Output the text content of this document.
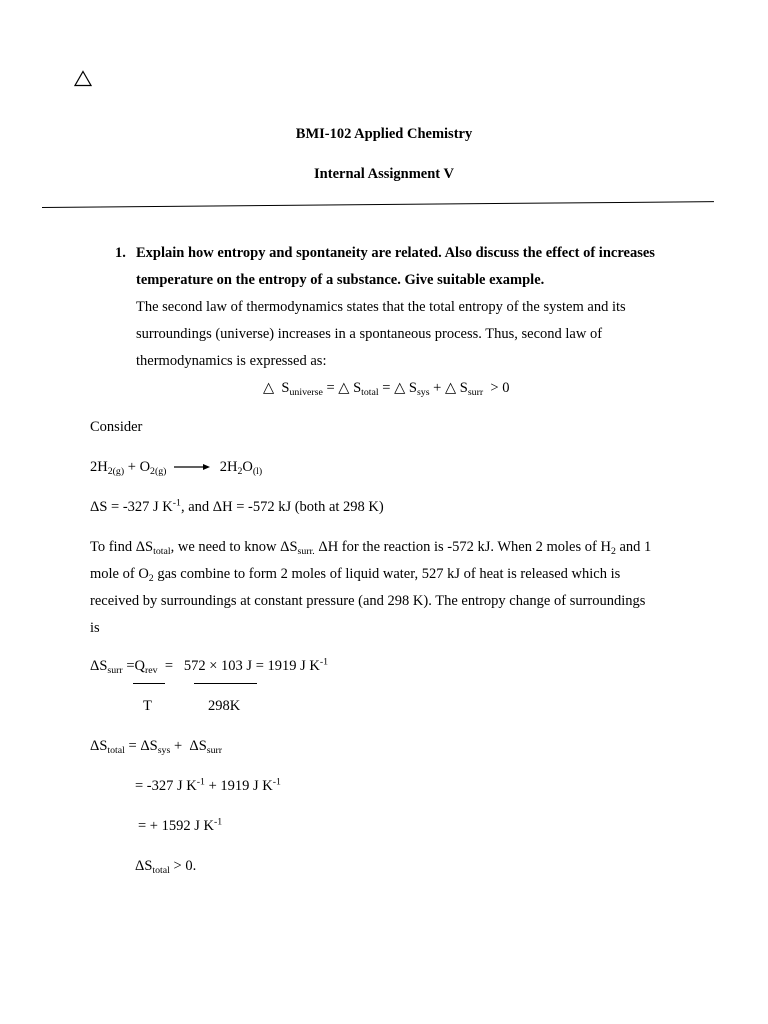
BMI-102 Applied Chemistry
Internal Assignment V
1. Explain how entropy and spontaneity are related. Also discuss the effect of increases
temperature on the entropy of a substance. Give suitable example.
The second law of thermodynamics states that the total entropy of the system and its
surroundings (universe) increases in a spontaneous process. Thus, second law of
thermodynamics is expressed as:
△ $S_{universe}$ = △ $S_{total}$ = △ $S_{sys}$ + △ $S_{surr} > 0$
Consider
$2H_{2(g)} + O_{2(g)} \to 2H_2O_{(l)}$
ΔS = -327 J $K^{-1}$, and ΔH = -572 kJ (both at 298 K)
To find $\Delta S_{total}$, we need to know $\Delta S_{surr.}$ ΔH for the reaction is -572 kJ. When 2 moles of $H_2$ and 1
mole of $O_2$ gas combine to form 2 moles of liquid water, 527 kJ of heat is released which is
received by surroundings at constant pressure (and 298 K). The entropy change of surroundings
is
$\Delta S_{surr} =Q_{rev} = 572 \times 103$ J = 1919 J $K^{-1}$
T	298K
$\Delta S_{total} = \Delta S_{sys} + \Delta S_{surr}$
= -327 J $K^{-1} + 1919$ J $K^{-1}$
= + 1592 J $K^{-1}$
$\Delta S_{total} > 0$.
